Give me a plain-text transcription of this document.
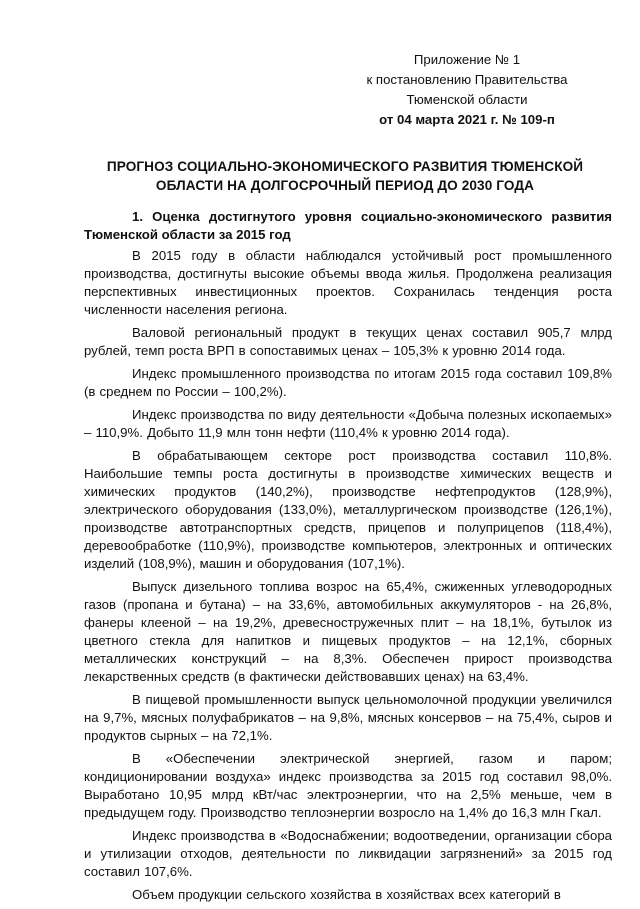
Приложение № 1
к постановлению Правительства
Тюменской области
от 04 марта 2021 г. № 109-п
ПРОГНОЗ СОЦИАЛЬНО-ЭКОНОМИЧЕСКОГО РАЗВИТИЯ ТЮМЕНСКОЙ
ОБЛАСТИ НА ДОЛГОСРОЧНЫЙ ПЕРИОД ДО 2030 ГОДА
1. Оценка достигнутого уровня социально-экономического развития Тюменской области за 2015 год

В 2015 году в области наблюдался устойчивый рост промышленного производства, достигнуты высокие объемы ввода жилья. Продолжена реализация перспективных инвестиционных проектов. Сохранилась тенденция роста численности населения региона.

Валовой региональный продукт в текущих ценах составил 905,7 млрд рублей, темп роста ВРП в сопоставимых ценах – 105,3% к уровню 2014 года.

Индекс промышленного производства по итогам 2015 года составил 109,8% (в среднем по России – 100,2%).

Индекс производства по виду деятельности «Добыча полезных ископаемых» – 110,9%. Добыто 11,9 млн тонн нефти (110,4% к уровню 2014 года).

В обрабатывающем секторе рост производства составил 110,8%. Наибольшие темпы роста достигнуты в производстве химических веществ и химических продуктов (140,2%), производстве нефтепродуктов (128,9%), электрического оборудования (133,0%), металлургическом производстве (126,1%), производстве автотранспортных средств, прицепов и полуприцепов (118,4%), деревообработке (110,9%), производстве компьютеров, электронных и оптических изделий (108,9%), машин и оборудования (107,1%).

Выпуск дизельного топлива возрос на 65,4%, сжиженных углеводородных газов (пропана и бутана) – на 33,6%, автомобильных аккумуляторов - на 26,8%, фанеры клееной – на 19,2%, древесностружечных плит – на 18,1%, бутылок из цветного стекла для напитков и пищевых продуктов – на 12,1%, сборных металлических конструкций – на 8,3%. Обеспечен прирост производства лекарственных средств (в фактически действовавших ценах) на 63,4%.

В пищевой промышленности выпуск цельномолочной продукции увеличился на 9,7%, мясных полуфабрикатов – на 9,8%, мясных консервов – на 75,4%, сыров и продуктов сырных – на 72,1%.

В «Обеспечении электрической энергией, газом и паром; кондиционировании воздуха» индекс производства за 2015 год составил 98,0%. Выработано 10,95 млрд кВт/час электроэнергии, что на 2,5% меньше, чем в предыдущем году. Производство теплоэнергии возросло на 1,4% до 16,3 млн Гкал.

Индекс производства в «Водоснабжении; водоотведении, организации сбора и утилизации отходов, деятельности по ликвидации загрязнений» за 2015 год составил 107,6%.

Объем продукции сельского хозяйства в хозяйствах всех категорий в
